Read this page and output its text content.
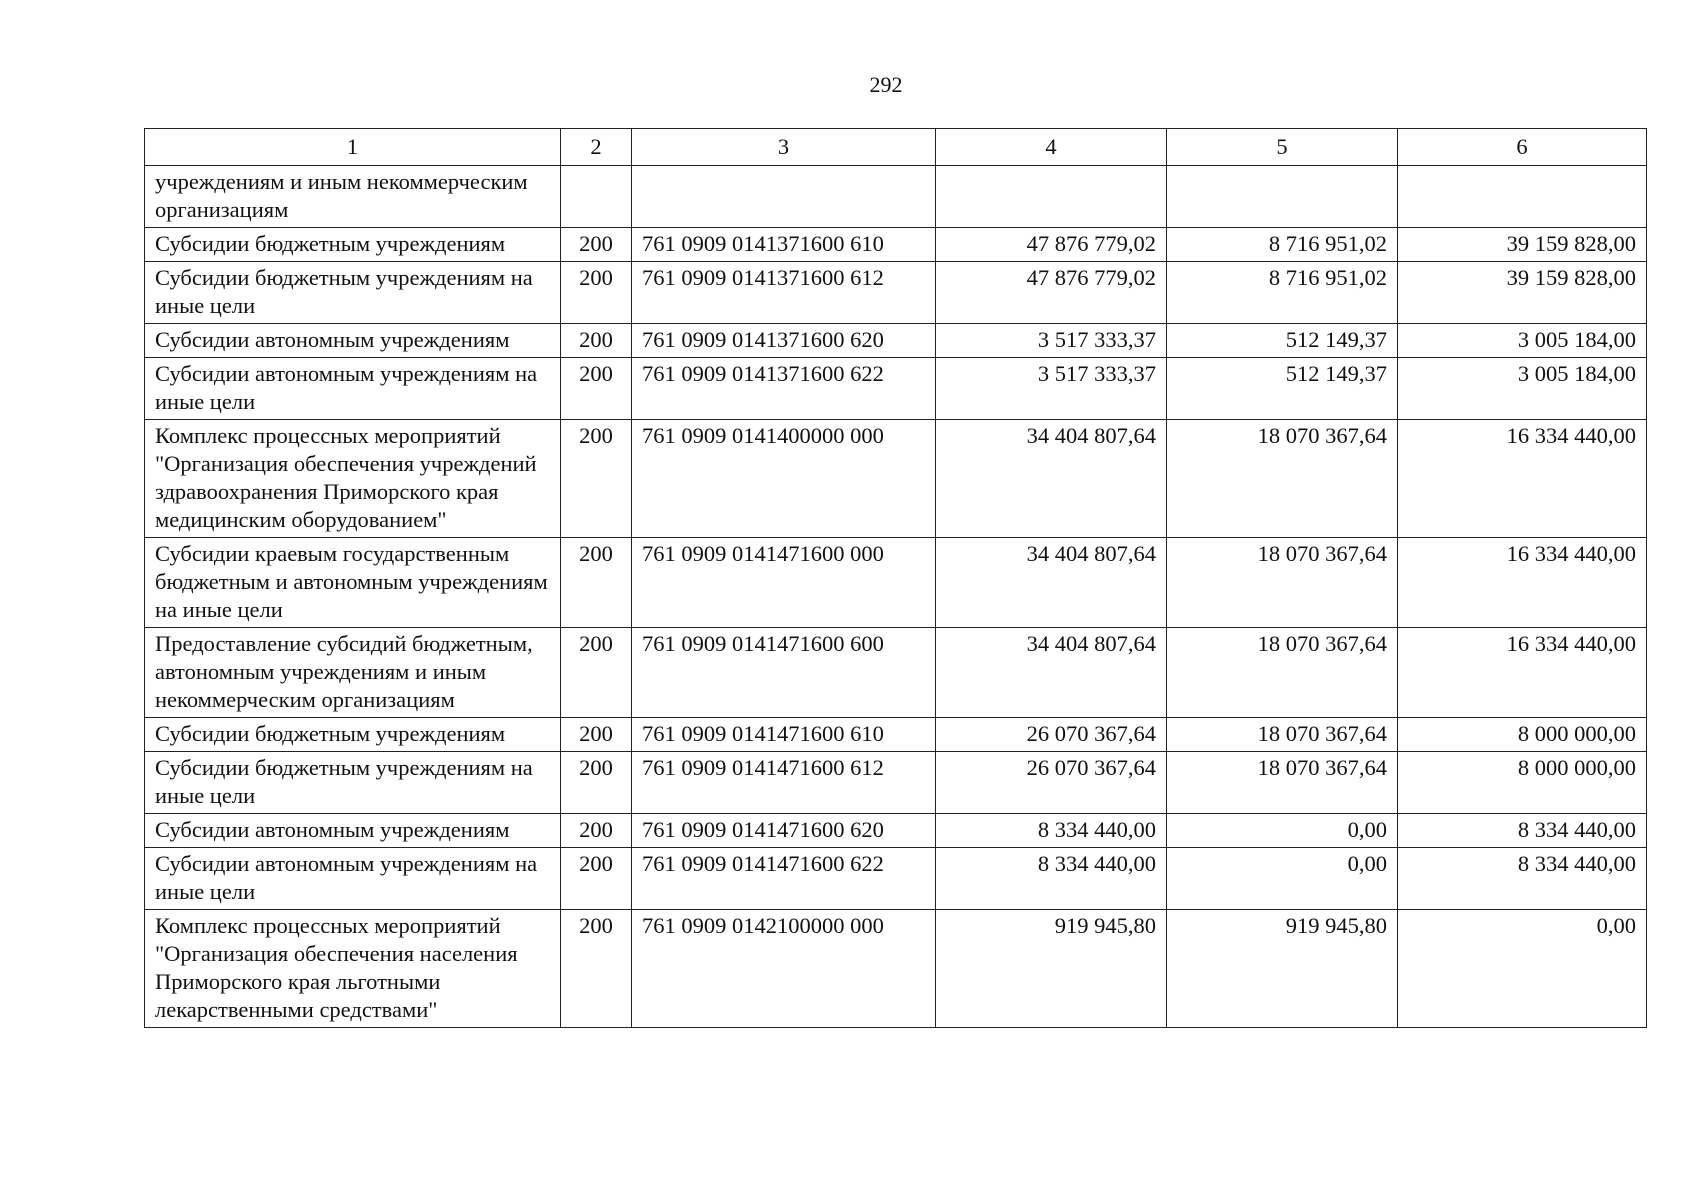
292
1	2	3	4	5	6
учреждениям и иным некоммерческим организациям					
Субсидии бюджетным учреждениям	200	761 0909 0141371600 610	47 876 779,02	8 716 951,02	39 159 828,00
Субсидии бюджетным учреждениям на иные цели	200	761 0909 0141371600 612	47 876 779,02	8 716 951,02	39 159 828,00
Субсидии автономным учреждениям	200	761 0909 0141371600 620	3 517 333,37	512 149,37	3 005 184,00
Субсидии автономным учреждениям на иные цели	200	761 0909 0141371600 622	3 517 333,37	512 149,37	3 005 184,00
Комплекс процессных мероприятий "Организация обеспечения учреждений здравоохранения Приморского края медицинским оборудованием"	200	761 0909 0141400000 000	34 404 807,64	18 070 367,64	16 334 440,00
Субсидии краевым государственным бюджетным и автономным учреждениям на иные цели	200	761 0909 0141471600 000	34 404 807,64	18 070 367,64	16 334 440,00
Предоставление субсидий бюджетным, автономным учреждениям и иным некоммерческим организациям	200	761 0909 0141471600 600	34 404 807,64	18 070 367,64	16 334 440,00
Субсидии бюджетным учреждениям	200	761 0909 0141471600 610	26 070 367,64	18 070 367,64	8 000 000,00
Субсидии бюджетным учреждениям на иные цели	200	761 0909 0141471600 612	26 070 367,64	18 070 367,64	8 000 000,00
Субсидии автономным учреждениям	200	761 0909 0141471600 620	8 334 440,00	0,00	8 334 440,00
Субсидии автономным учреждениям на иные цели	200	761 0909 0141471600 622	8 334 440,00	0,00	8 334 440,00
Комплекс процессных мероприятий "Организация обеспечения населения Приморского края льготными лекарственными средствами"	200	761 0909 0142100000 000	919 945,80	919 945,80	0,00
